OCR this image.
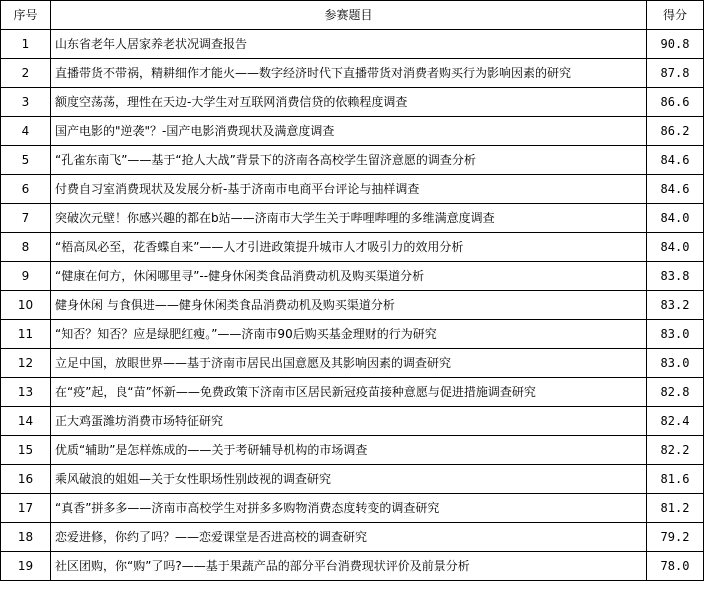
序号	参赛题目	得分
1	山东省老年人居家养老状况调查报告	90.8
2	直播带货不带祸，精耕细作才能火——数字经济时代下直播带货对消费者购买行为影响因素的研究	87.8
3	额度空荡荡，理性在天边-大学生对互联网消费信贷的依赖程度调查	86.6
4	国产电影的"逆袭"？-国产电影消费现状及满意度调查	86.2
5	“孔雀东南飞”——基于“抢人大战”背景下的济南各高校学生留济意愿的调查分析	84.6
6	付费自习室消费现状及发展分析-基于济南市电商平台评论与抽样调查	84.6
7	突破次元壁！你感兴趣的都在b站——济南市大学生关于哔哩哔哩的多维满意度调查	84.0
8	“梧高凤必至，花香蝶自来”——人才引进政策提升城市人才吸引力的效用分析	84.0
9	“健康在何方，休闲哪里寻”--健身休闲类食品消费动机及购买渠道分析	83.8
10	健身休闲 与食俱进——健身休闲类食品消费动机及购买渠道分析	83.2
11	“知否？知否？应是绿肥红瘦。”——济南市90后购买基金理财的行为研究	83.0
12	立足中国，放眼世界——基于济南市居民出国意愿及其影响因素的调查研究	83.0
13	在“疫”起，良“苗”怀新——免费政策下济南市区居民新冠疫苗接种意愿与促进措施调查研究	82.8
14	正大鸡蛋潍坊消费市场特征研究	82.4
15	优质“辅助”是怎样炼成的——关于考研辅导机构的市场调查	82.2
16	乘风破浪的姐姐—关于女性职场性别歧视的调查研究	81.6
17	“真香”拼多多——济南市高校学生对拼多多购物消费态度转变的调查研究	81.2
18	恋爱进修，你约了吗？——恋爱课堂是否进高校的调查研究	79.2
19	社区团购，你“购”了吗?——基于果蔬产品的部分平台消费现状评价及前景分析	78.0
